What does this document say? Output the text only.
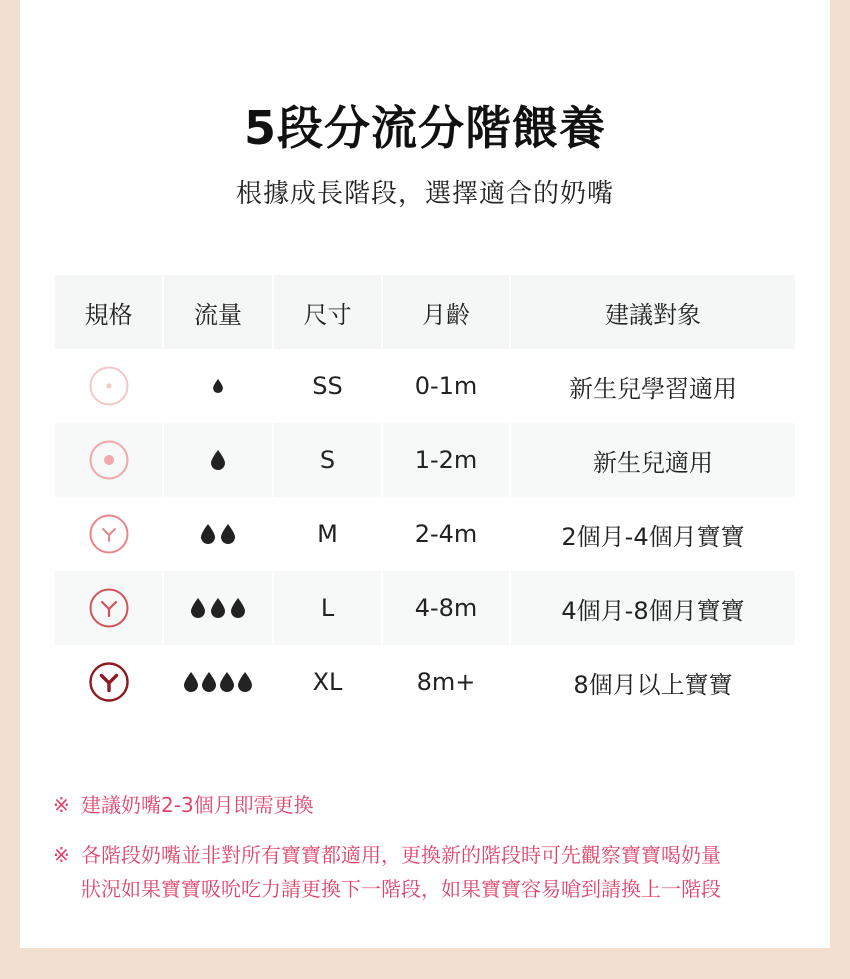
5段分流分階餵養
根據成長階段，選擇適合的奶嘴
規格	流量	尺寸	月齡	建議對象
SS	0-1m	新生兒學習適用
S	1-2m	新生兒適用
M	2-4m	2個月-4個月寶寶
L	4-8m	4個月-8個月寶寶
XL	8m+	8個月以上寶寶
※ 建議奶嘴2-3個月即需更換
※ 各階段奶嘴並非對所有寶寶都適用，更換新的階段時可先觀察寶寶喝奶量
狀況如果寶寶吸吮吃力請更換下一階段，如果寶寶容易嗆到請換上一階段
